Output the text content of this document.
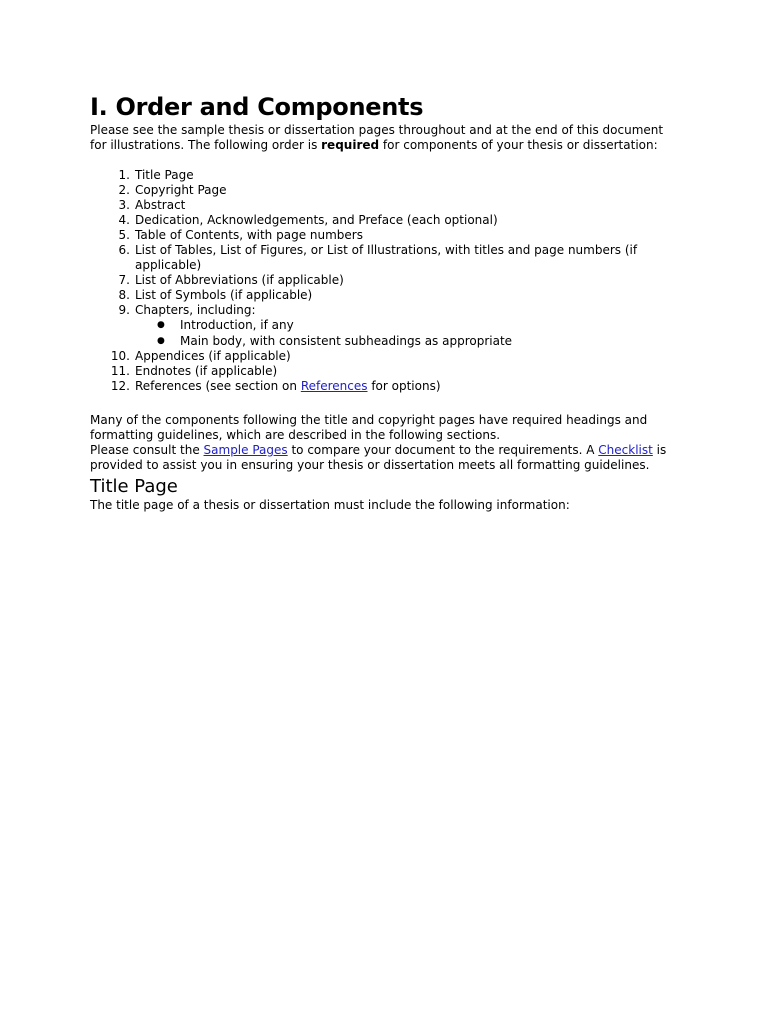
I. Order and Components

Please see the sample thesis or dissertation pages throughout and at the end of this document for illustrations. The following order is required for components of your thesis or dissertation:

1. Title Page
2. Copyright Page
3. Abstract
4. Dedication, Acknowledgements, and Preface (each optional)
5. Table of Contents, with page numbers
6. List of Tables, List of Figures, or List of Illustrations, with titles and page numbers (if applicable)
7. List of Abbreviations (if applicable)
8. List of Symbols (if applicable)
9. Chapters, including:
● Introduction, if any
● Main body, with consistent subheadings as appropriate
10. Appendices (if applicable)
11. Endnotes (if applicable)
12. References (see section on References for options)

Many of the components following the title and copyright pages have required headings and formatting guidelines, which are described in the following sections.

Please consult the Sample Pages to compare your document to the requirements. A Checklist is provided to assist you in ensuring your thesis or dissertation meets all formatting guidelines.

Title Page

The title page of a thesis or dissertation must include the following information:
